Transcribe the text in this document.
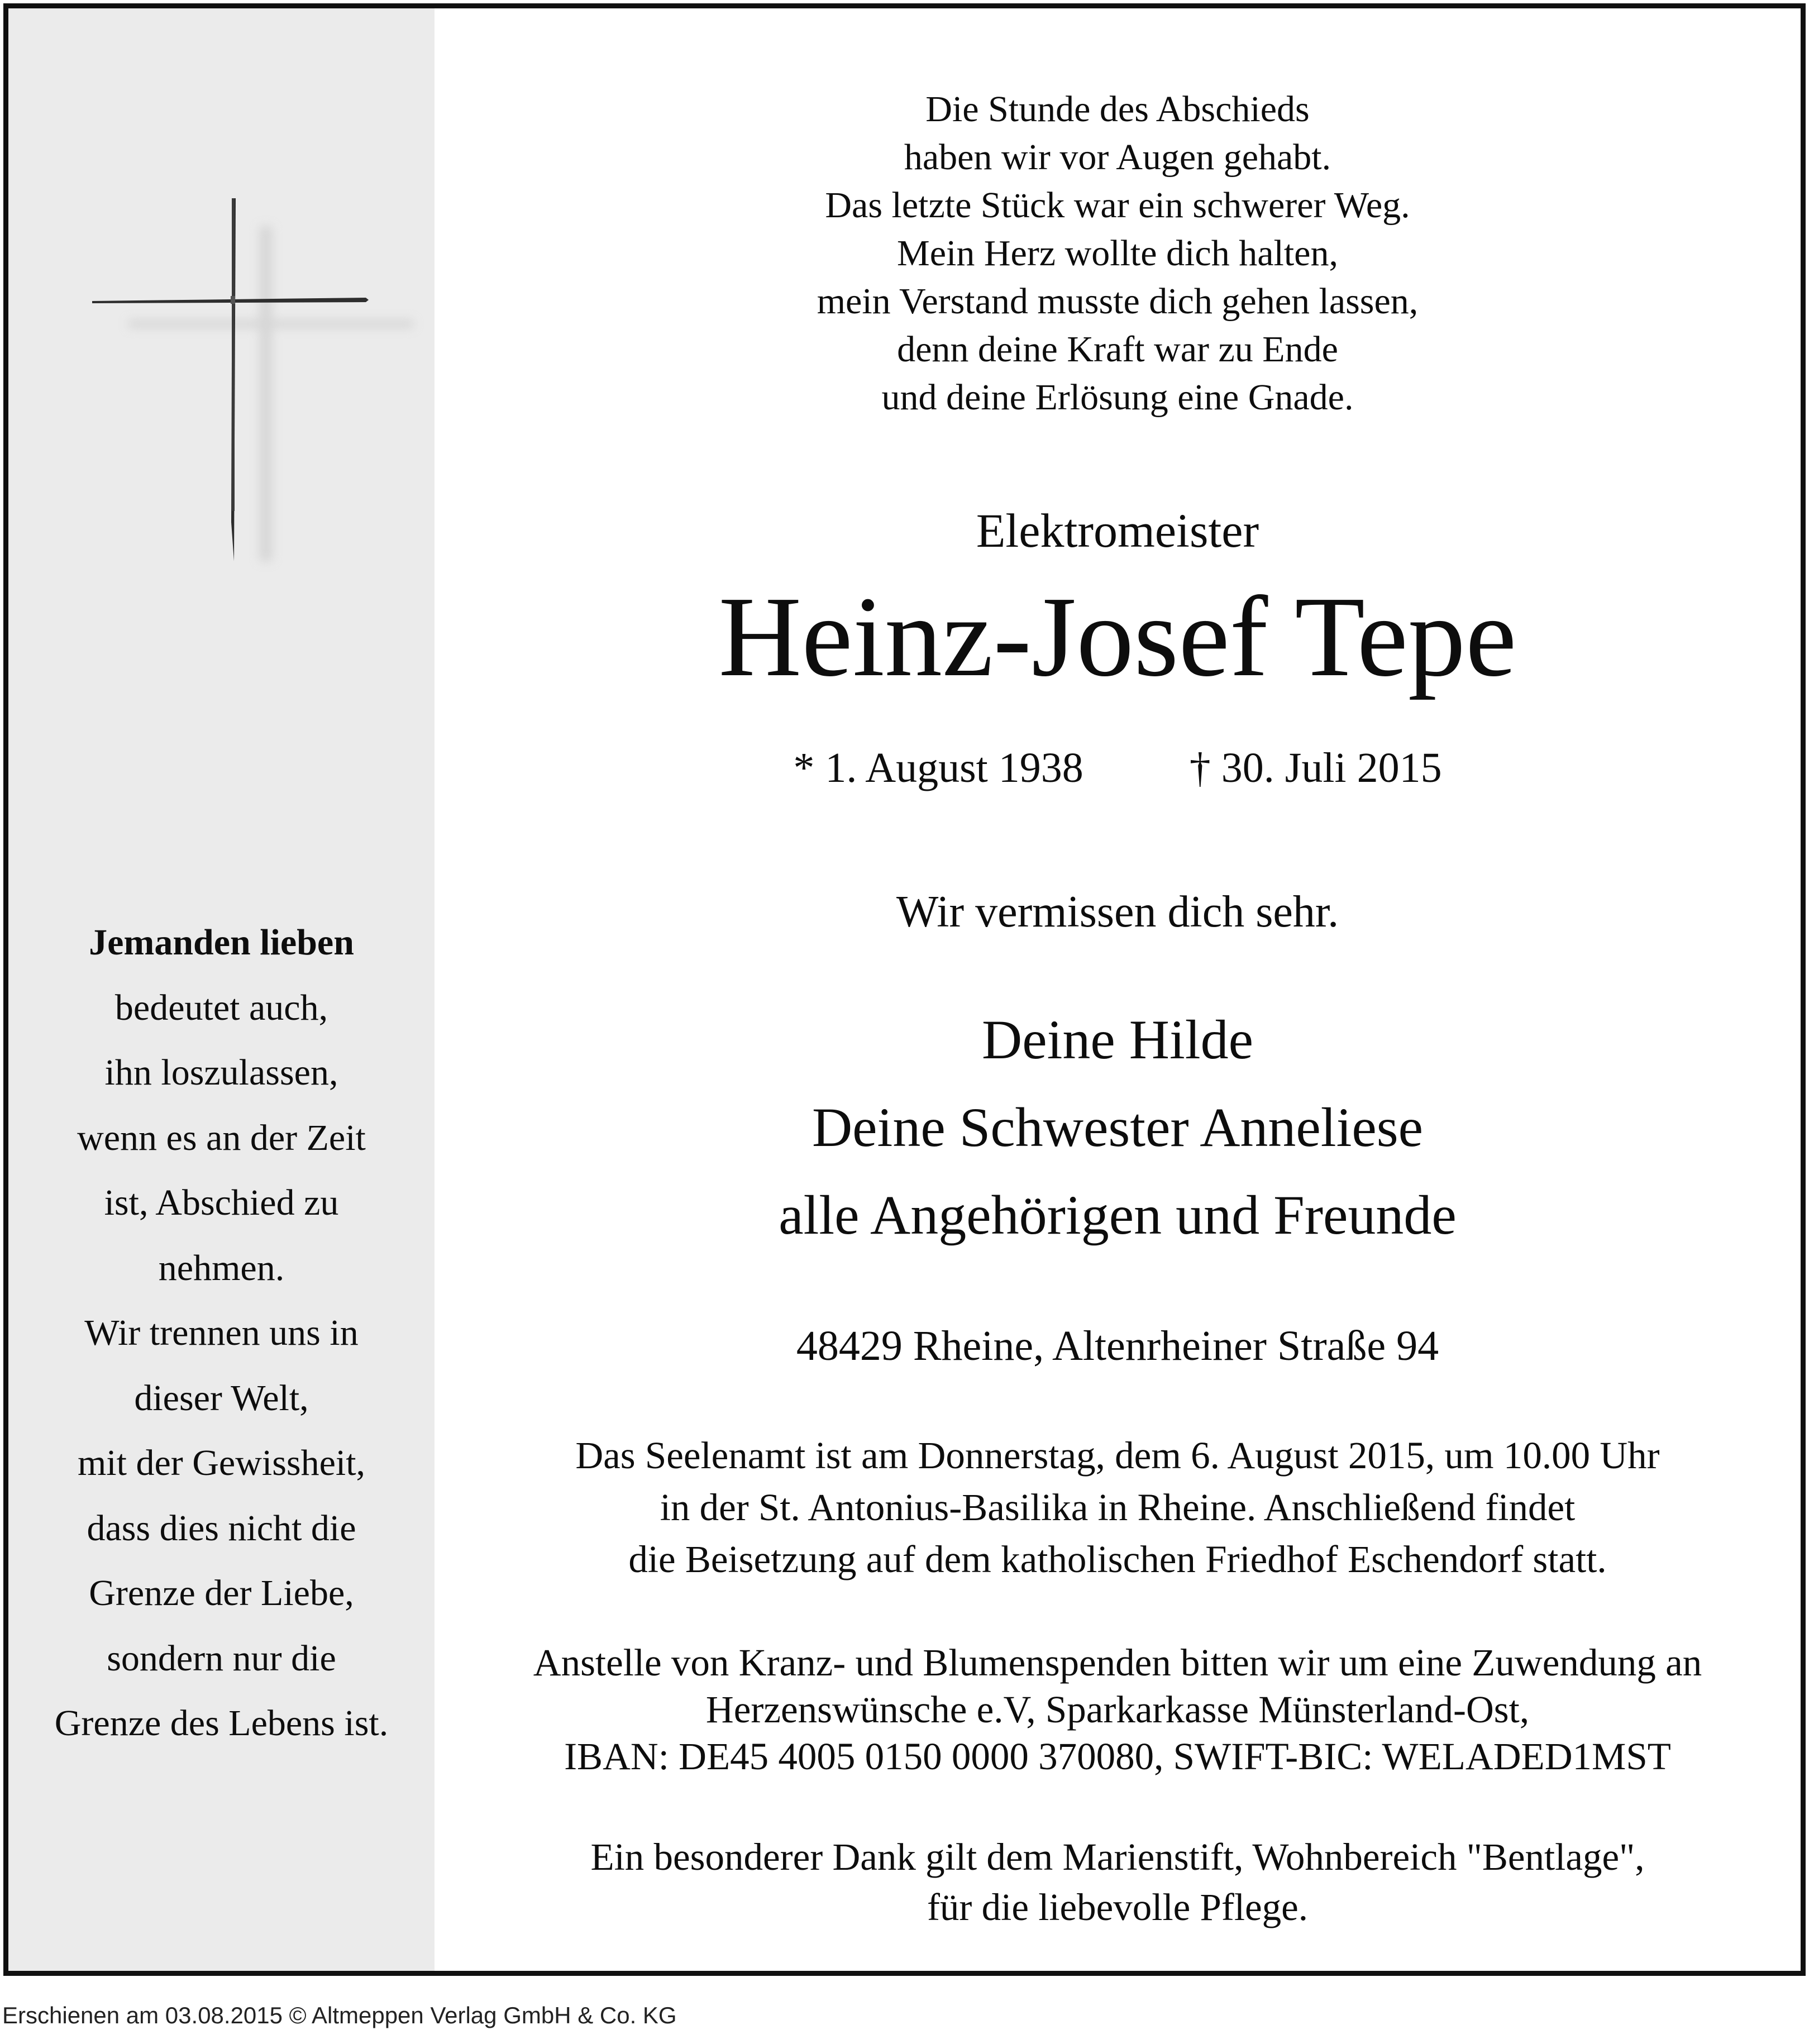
Jemanden lieben
bedeutet auch,
ihn loszulassen,
wenn es an der Zeit
ist, Abschied zu
nehmen.
Wir trennen uns in
dieser Welt,
mit der Gewissheit,
dass dies nicht die
Grenze der Liebe,
sondern nur die
Grenze des Lebens ist.
Die Stunde des Abschieds
haben wir vor Augen gehabt.
Das letzte Stück war ein schwerer Weg.
Mein Herz wollte dich halten,
mein Verstand musste dich gehen lassen,
denn deine Kraft war zu Ende
und deine Erlösung eine Gnade.
Elektromeister
Heinz-Josef Tepe
* 1. August 1938	† 30. Juli 2015
Wir vermissen dich sehr.
Deine Hilde
Deine Schwester Anneliese
alle Angehörigen und Freunde
48429 Rheine, Altenrheiner Straße 94
Das Seelenamt ist am Donnerstag, dem 6. August 2015, um 10.00 Uhr
in der St. Antonius-Basilika in Rheine. Anschließend findet
die Beisetzung auf dem katholischen Friedhof Eschendorf statt.
Anstelle von Kranz- und Blumenspenden bitten wir um eine Zuwendung an
Herzenswünsche e.V, Sparkarkasse Münsterland-Ost,
IBAN: DE45 4005 0150 0000 370080, SWIFT-BIC: WELADED1MST
Ein besonderer Dank gilt dem Marienstift, Wohnbereich "Bentlage",
für die liebevolle Pflege.
Erschienen am 03.08.2015 © Altmeppen Verlag GmbH & Co. KG
